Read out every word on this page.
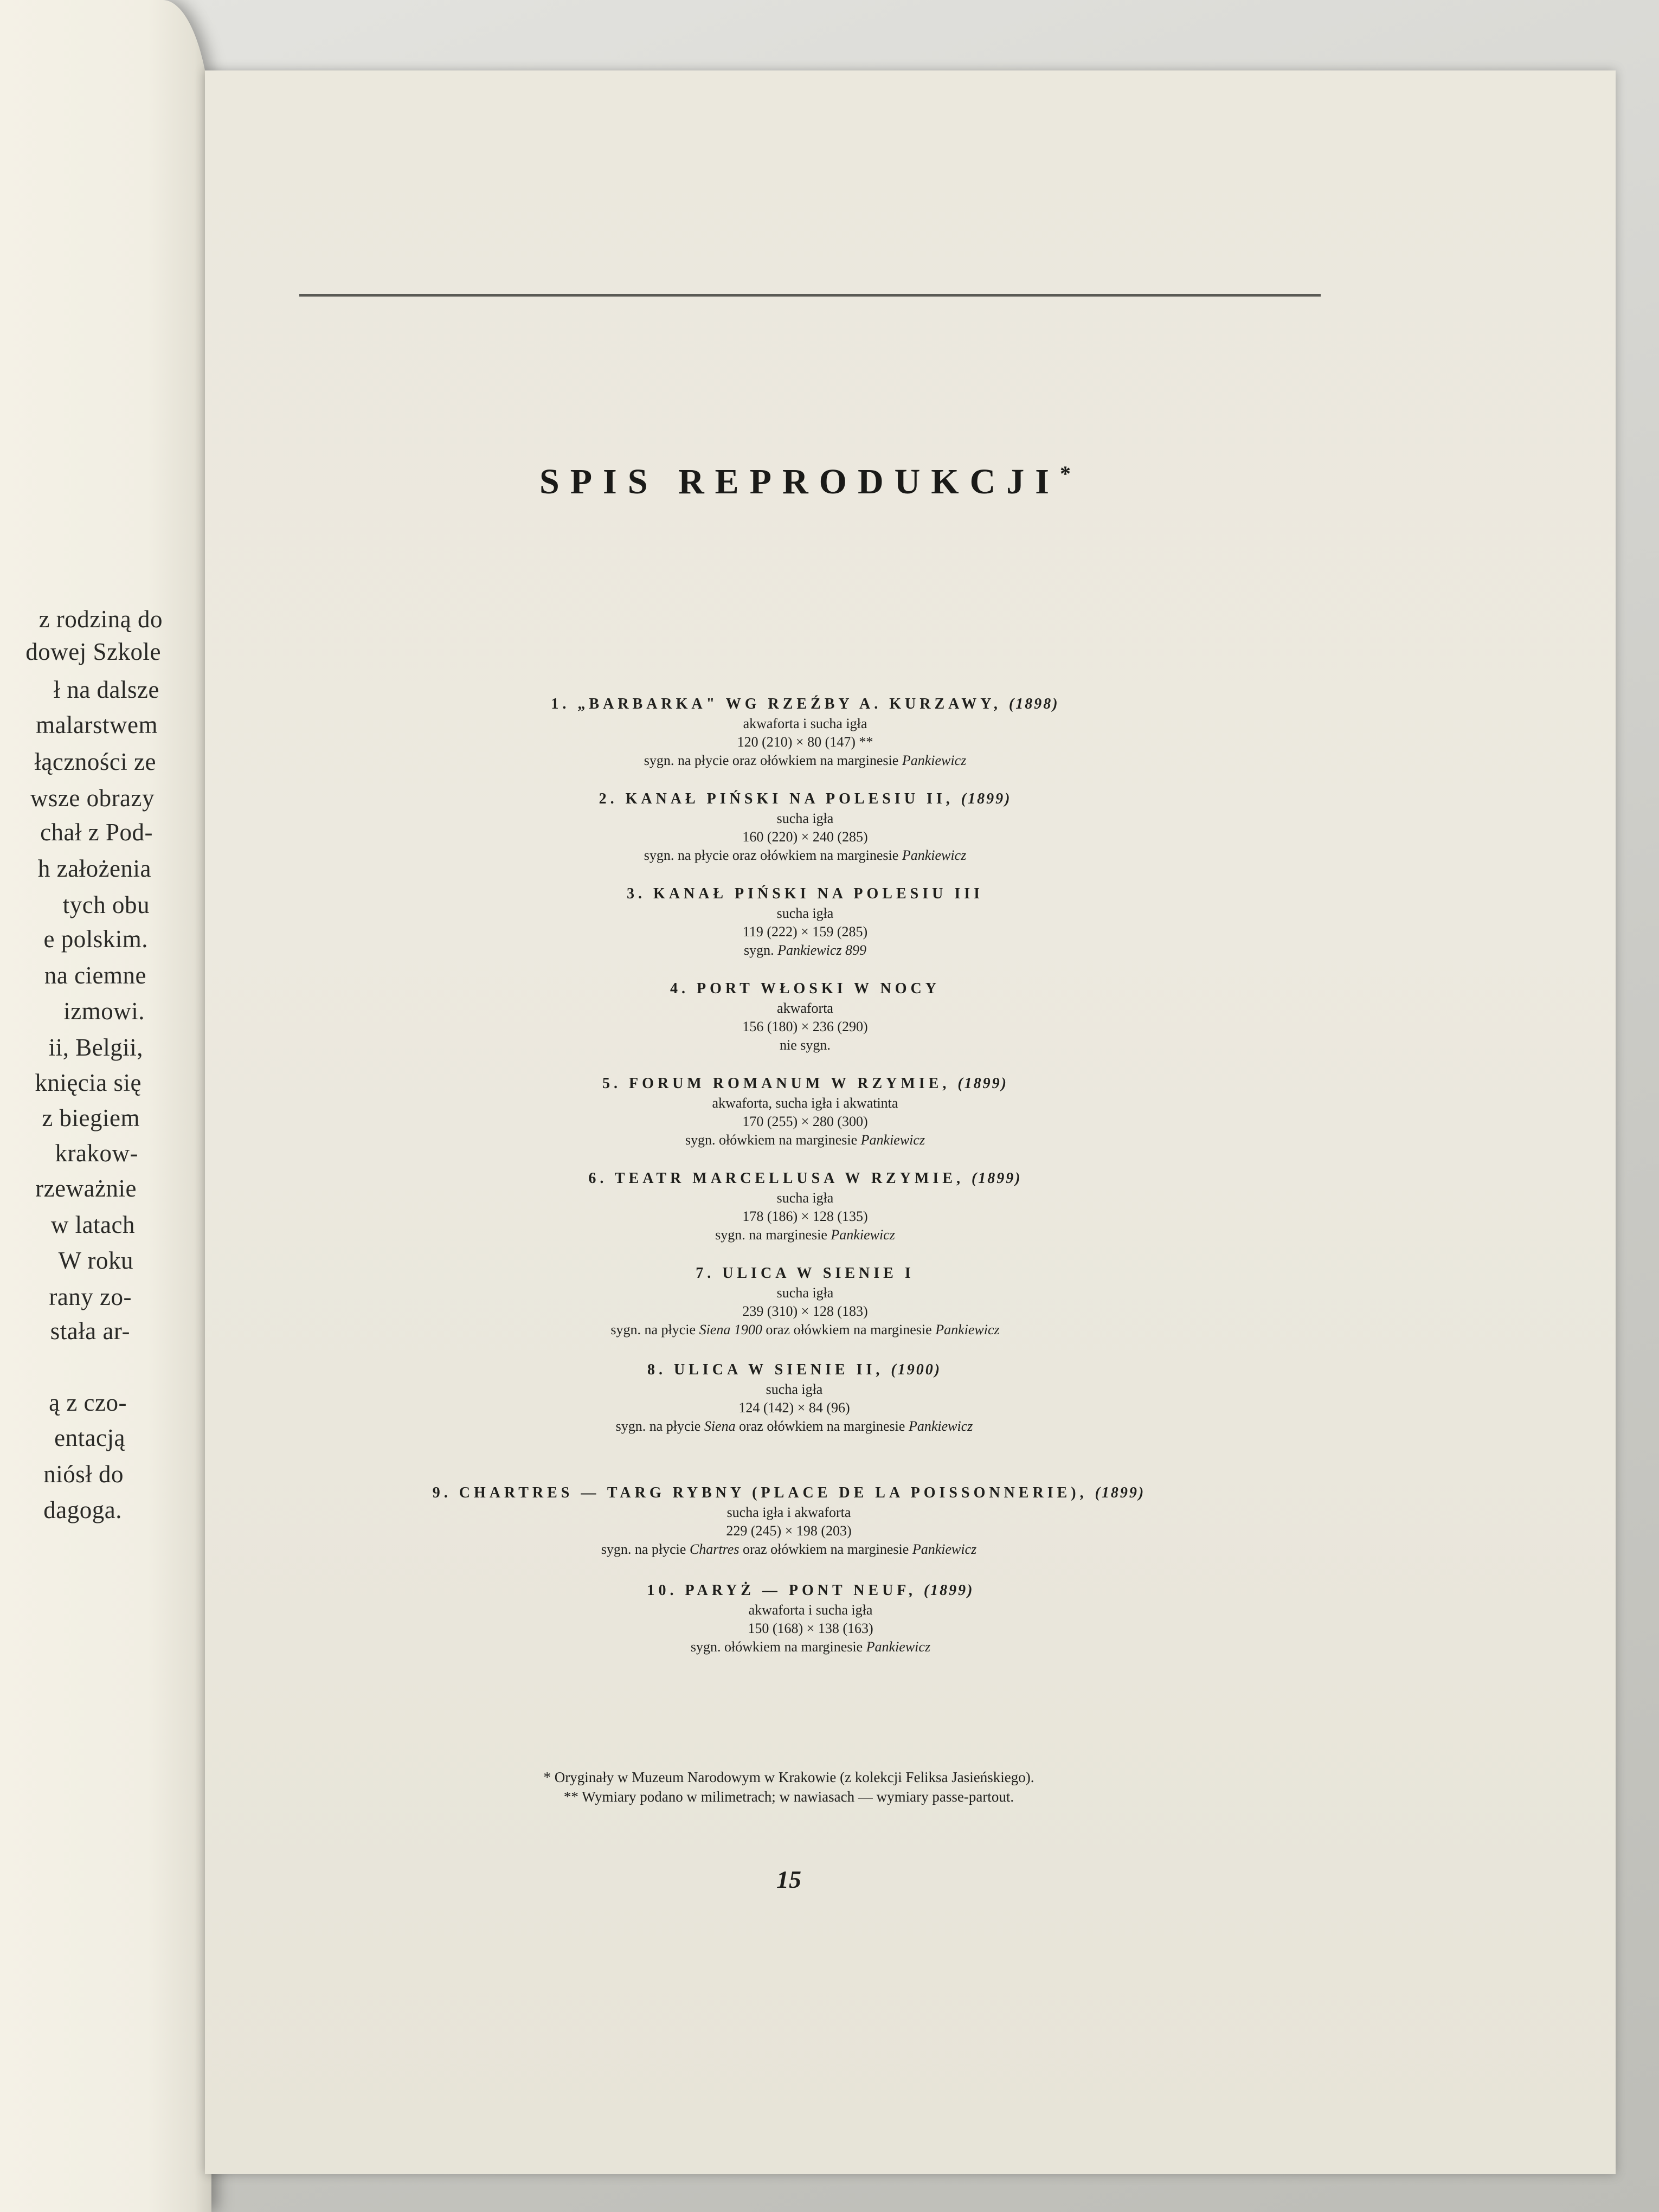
z rodziną do
dowej Szkole
ł na dalsze
malarstwem
łączności ze
wsze obrazy
chał z Pod-
h założenia
tych obu
e polskim.
na ciemne
izmowi.
ii, Belgii,
knięcia się
z biegiem
krakow-
rzeważnie
w latach
W roku
rany zo-
stała ar-
ą z czo-
entacją
niósł do
dagoga.
SPIS REPRODUKCJI*
1. „BARBARKA" WG RZEŹBY A. KURZAWY, (1898)
akwaforta i sucha igła
120 (210) × 80 (147) **
sygn. na płycie oraz ołówkiem na marginesie Pankiewicz
2. KANAŁ PIŃSKI NA POLESIU II, (1899)
sucha igła
160 (220) × 240 (285)
sygn. na płycie oraz ołówkiem na marginesie Pankiewicz
3. KANAŁ PIŃSKI NA POLESIU III
sucha igła
119 (222) × 159 (285)
sygn. Pankiewicz 899
4. PORT WŁOSKI W NOCY
akwaforta
156 (180) × 236 (290)
nie sygn.
5. FORUM ROMANUM W RZYMIE, (1899)
akwaforta, sucha igła i akwatinta
170 (255) × 280 (300)
sygn. ołówkiem na marginesie Pankiewicz
6. TEATR MARCELLUSA W RZYMIE, (1899)
sucha igła
178 (186) × 128 (135)
sygn. na marginesie Pankiewicz
7. ULICA W SIENIE I
sucha igła
239 (310) × 128 (183)
sygn. na płycie Siena 1900 oraz ołówkiem na marginesie Pankiewicz
8. ULICA W SIENIE II, (1900)
sucha igła
124 (142) × 84 (96)
sygn. na płycie Siena oraz ołówkiem na marginesie Pankiewicz
9. CHARTRES — TARG RYBNY (PLACE DE LA POISSONNERIE), (1899)
sucha igła i akwaforta
229 (245) × 198 (203)
sygn. na płycie Chartres oraz ołówkiem na marginesie Pankiewicz
10. PARYŻ — PONT NEUF, (1899)
akwaforta i sucha igła
150 (168) × 138 (163)
sygn. ołówkiem na marginesie Pankiewicz
* Oryginały w Muzeum Narodowym w Krakowie (z kolekcji Feliksa Jasieńskiego).
** Wymiary podano w milimetrach; w nawiasach — wymiary passe-partout.
15
